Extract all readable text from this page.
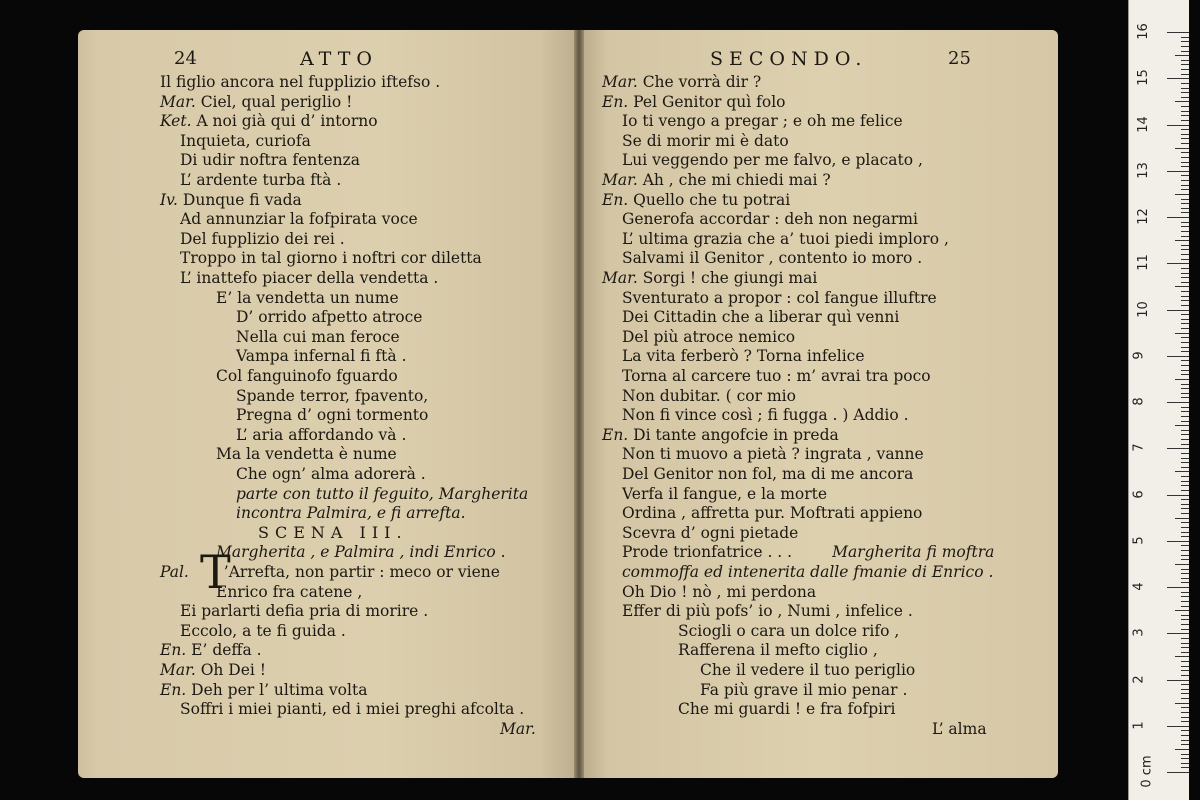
24	ATTO
Il figlio ancora nel fupplizio iftefso .
Mar. Ciel, qual periglio !
Ket. A noi già qui d’ intorno
Inquieta, curiofa
Di udir noftra fentenza
L’ ardente turba ftà .
Iv. Dunque fi vada
Ad annunziar la fofpirata voce
Del fupplizio dei rei .
Troppo in tal giorno i noftri cor diletta
L’ inattefo piacer della vendetta .
E’ la vendetta un nume
D’ orrido afpetto atroce
Nella cui man feroce
Vampa infernal fi ftà .
Col fanguinofo fguardo
Spande terror, fpavento,
Pregna d’ ogni tormento
L’ aria affordando và .
Ma la vendetta è nume
Che ogn’ alma adorerà .
parte con tutto il feguito, Margherita
incontra Palmira, e fi arrefta.
SCENA III.
Margherita , e Palmira , indi Enrico .
Pal. ’Arrefta, non partir : meco or viene
Enrico fra catene ,
Ei parlarti defia pria di morire .
Eccolo, a te fi guida .
En. E’ deffa .
Mar. Oh Dei !
En. Deh per l’ ultima volta
Soffri i miei pianti, ed i miei preghi afcolta .
Mar.
T
SECONDO.	25
Mar. Che vorrà dir ?
En. Pel Genitor quì folo
Io ti vengo a pregar ; e oh me felice
Se di morir mi è dato
Lui veggendo per me falvo, e placato ,
Mar. Ah , che mi chiedi mai ?
En. Quello che tu potrai
Generofa accordar : deh non negarmi
L’ ultima grazia che a’ tuoi piedi imploro ,
Salvami il Genitor , contento io moro .
Mar. Sorgi ! che giungi mai
Sventurato a propor : col fangue illuftre
Dei Cittadin che a liberar quì venni
Del più atroce nemico
La vita ferberò ? Torna infelice
Torna al carcere tuo : m’ avrai tra poco
Non dubitar. ( cor mio
Non fi vince così ; fi fugga . ) Addio .
En. Di tante angofcie in preda
Non ti muovo a pietà ? ingrata , vanne
Del Genitor non fol, ma di me ancora
Verfa il fangue, e la morte
Ordina , affretta pur. Moftrati appieno
Scevra d’ ogni pietade
Prode trionfatrice . . .	Margherita fi moftra
commoffa ed intenerita dalle fmanie di Enrico .
Oh Dio ! nò , mi perdona
Effer di più pofs’ io , Numi , infelice .
Sciogli o cara un dolce rifo ,
Rafferena il mefto ciglio ,
Che il vedere il tuo periglio
Fa più grave il mio penar .
Che mi guardi ! e fra fofpiri
L’ alma
16
15
14
13
12
11
10
9
8
7
6
5
4
3
2
1
0 cm
